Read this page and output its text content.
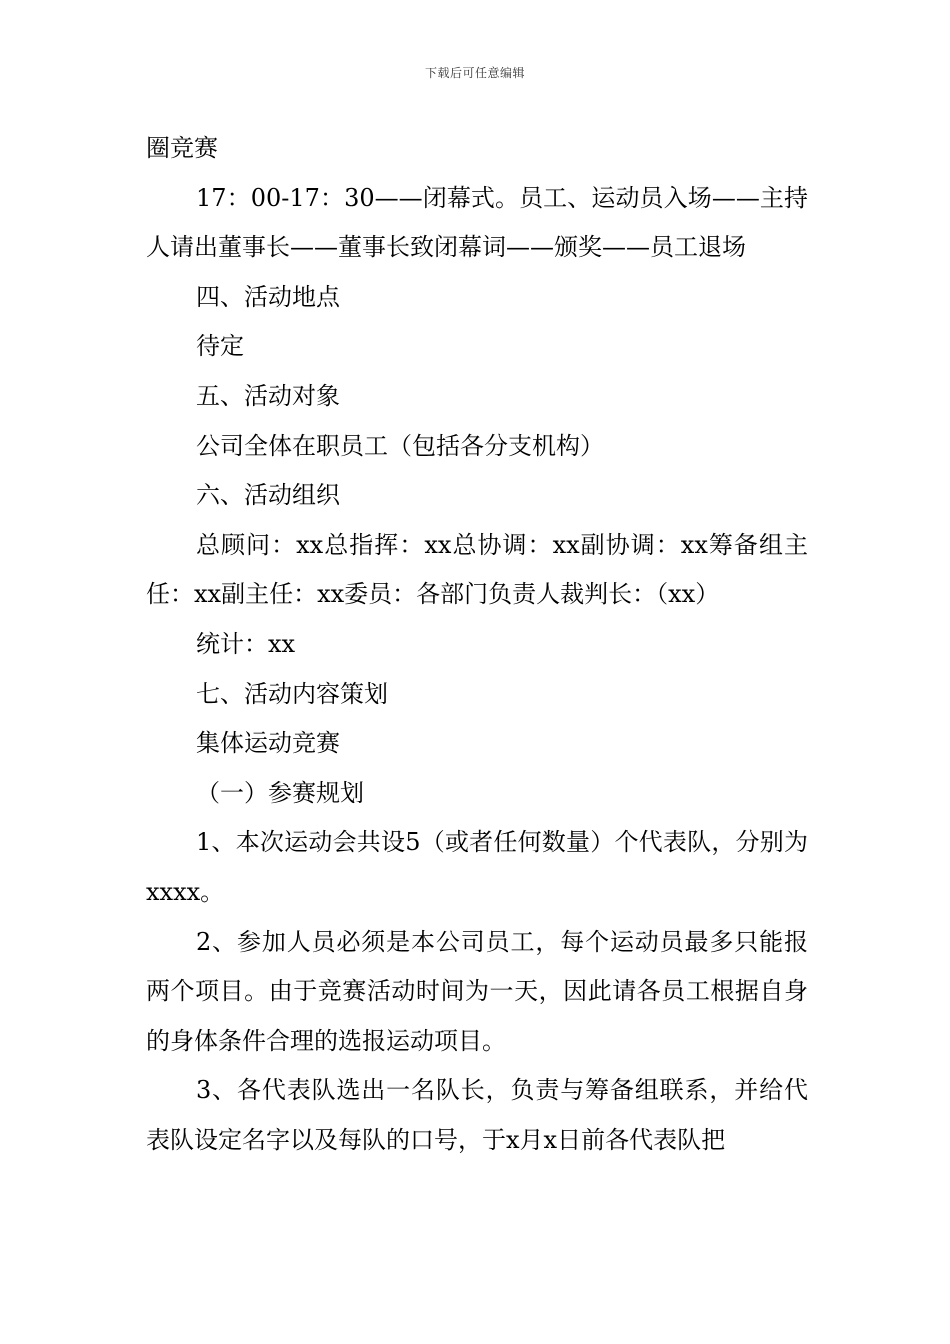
下载后可任意编辑

圈竞赛

17：00-17：30——闭幕式。员工、运动员入场——主持人请出董事长——董事长致闭幕词——颁奖——员工退场

四、活动地点

待定

五、活动对象

公司全体在职员工（包括各分支机构）

六、活动组织

总顾问：xx总指挥：xx总协调：xx副协调：xx筹备组主任：xx副主任：xx委员：各部门负责人裁判长：（xx）

统计：xx

七、活动内容策划

集体运动竞赛

（一）参赛规划

1、本次运动会共设5（或者任何数量）个代表队，分别为xxxx。

2、参加人员必须是本公司员工，每个运动员最多只能报两个项目。由于竞赛活动时间为一天，因此请各员工根据自身的身体条件合理的选报运动项目。

3、各代表队选出一名队长，负责与筹备组联系，并给代表队设定名字以及每队的口号，于x月x日前各代表队把
